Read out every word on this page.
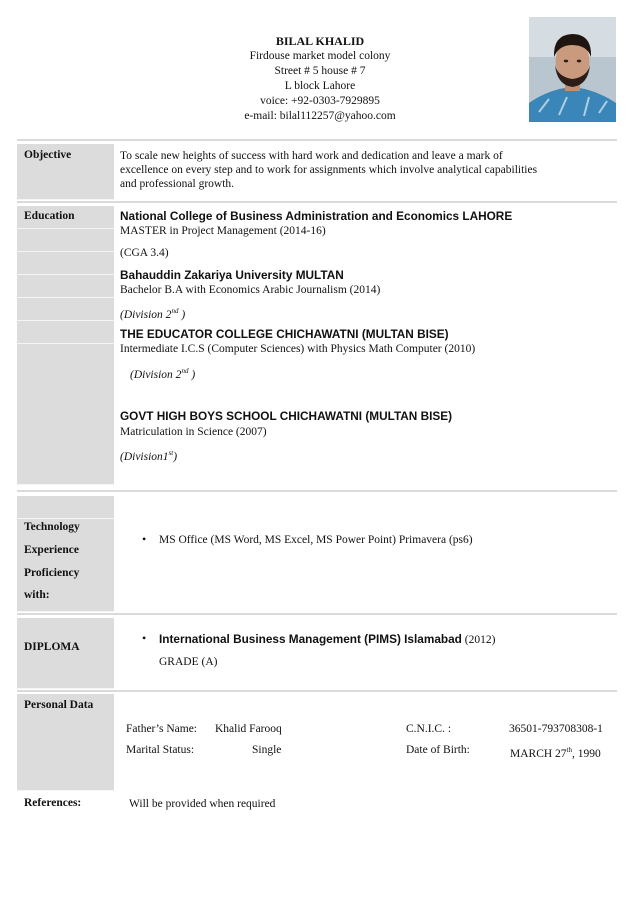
BILAL KHALID
Firdouse market model colony
Street # 5 house # 7
L block Lahore
voice: +92-0303-7929895
e-mail: bilal112257@yahoo.com
Objective	To scale new heights of success with hard work and dedication and leave a mark of
excellence on every step and to work for assignments which involve analytical capabilities
and professional growth.
Education	National College of Business Administration and Economics LAHORE
MASTER in Project Management (2014-16)
(CGA 3.4)
Bahauddin Zakariya University MULTAN
Bachelor B.A with Economics Arabic Journalism (2014)
(Division 2nd )
THE EDUCATOR COLLEGE CHICHAWATNI (MULTAN BISE)
Intermediate I.C.S (Computer Sciences) with Physics Math Computer (2010)
(Division 2nd )
GOVT HIGH BOYS SCHOOL CHICHAWATNI (MULTAN BISE)
Matriculation in Science (2007)
(Division1st)
Technology
Experience
Proficiency
with:
• MS Office (MS Word, MS Excel, MS Power Point) Primavera (ps6)
DIPLOMA
• International Business Management (PIMS) Islamabad (2012)
GRADE (A)
Personal Data
Father’s Name: Khalid Farooq	C.N.I.C. :	36501-793708308-1
Marital Status:	Single	Date of Birth:	MARCH 27th, 1990
References:	Will be provided when required
